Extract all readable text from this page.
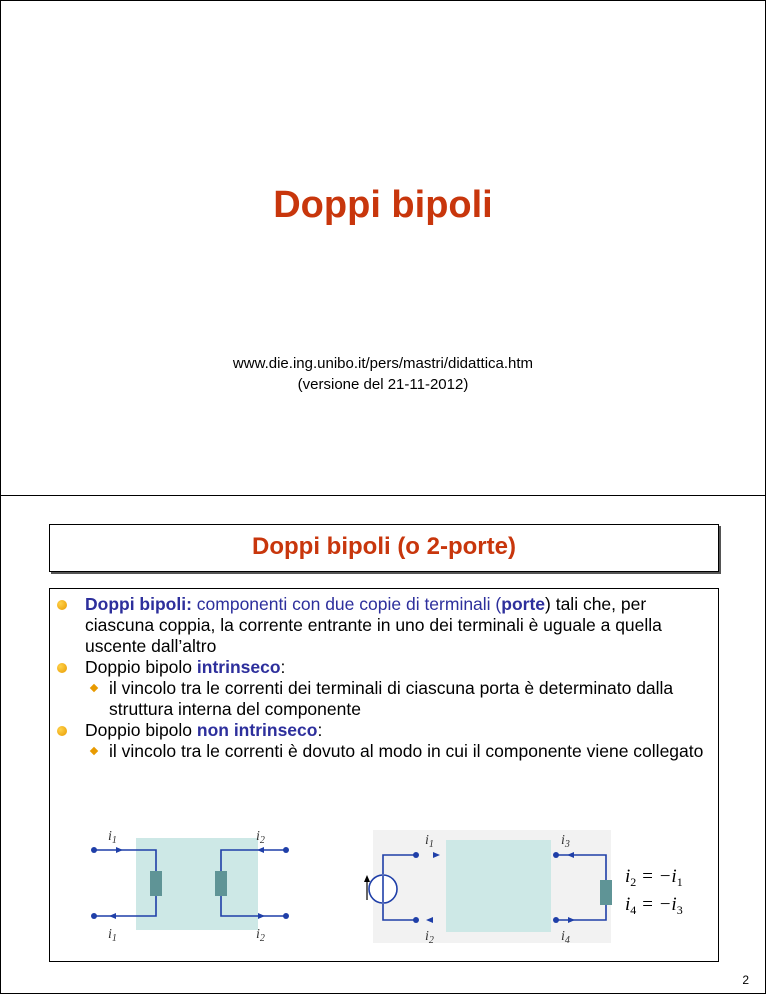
Doppi bipoli
www.die.ing.unibo.it/pers/mastri/didattica.htm
(versione del 21-11-2012)
Doppi bipoli (o 2-porte)

Doppi bipoli: componenti con due copie di terminali (porte) tali che, per ciascuna coppia, la corrente entrante in uno dei terminali è uguale a quella uscente dall’altro

Doppio bipolo intrinseco:

il vincolo tra le correnti dei terminali di ciascuna porta è determinato dalla struttura interna del componente

Doppio bipolo non intrinseco:

il vincolo tra le correnti è dovuto al modo in cui il componente viene collegato

$i_1$
$i_1$
$i_2$
$i_2$
$i_1$
$i_2$
$i_3$
$i_4$
$i_2 = -i_1$
$i_4 = -i_3$
2
